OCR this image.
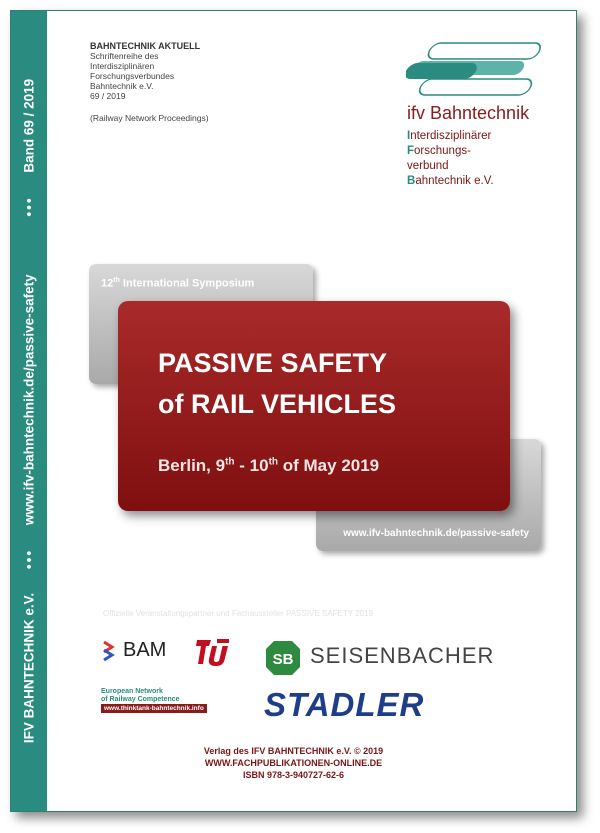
IFV BAHNTECHNIK e.V. ••• www.ifv-bahntechnik.de/passive-safety ••• Band 69 / 2019
BAHNTECHNIK AKTUELL
Schriftenreihe des
Interdisziplinären
Forschungsverbundes
Bahntechnik e.V.
69 / 2019
(Railway Network Proceedings)	ifv Bahntechnik
Interdisziplinärer
Forschungs-
verbund
Bahntechnik e.V.
12th International Symposium
www.ifv-bahntechnik.de/passive-safety
PASSIVE SAFETY
of RAIL VEHICLES
Berlin, 9th - 10th of May 2019
Offizielle Veranstaltungspartner und Fachaussteller PASSIVE SAFETY 2019
BAM
European Network
of Railway Competence
www.thinktank-bahntechnik.info
SB SEISENBACHER
STADLER
Verlag des IFV BAHNTECHNIK e.V. © 2019
WWW.FACHPUBLIKATIONEN-ONLINE.DE
ISBN 978-3-940727-62-6
